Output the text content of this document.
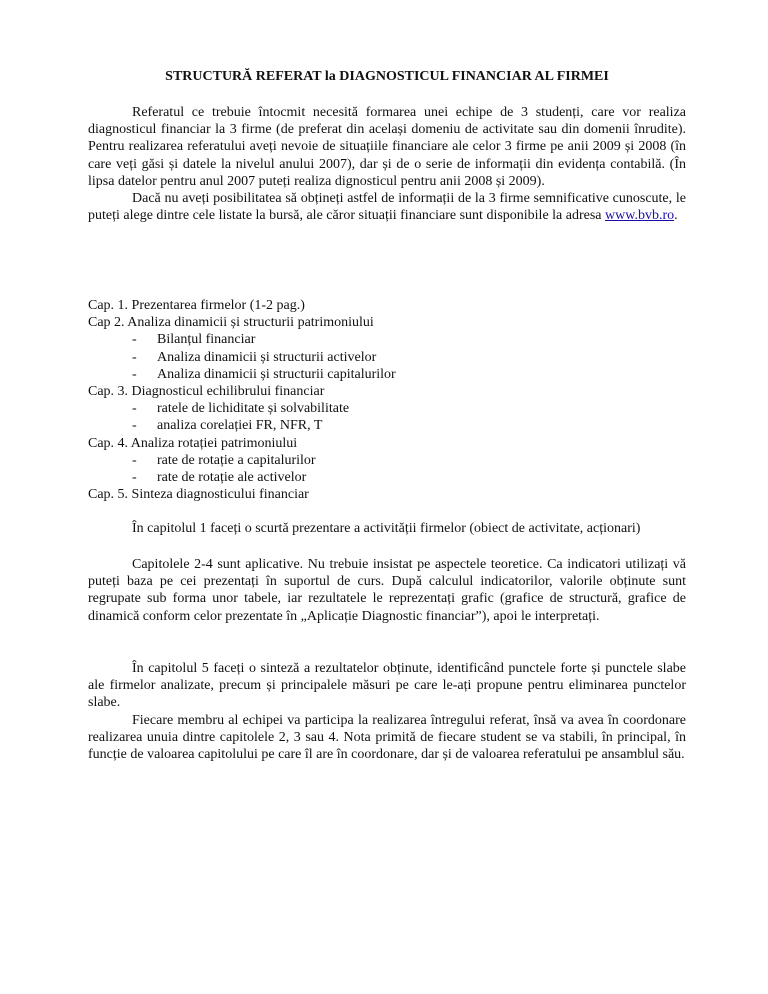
STRUCTURĂ REFERAT la DIAGNOSTICUL FINANCIAR AL FIRMEI

Referatul ce trebuie întocmit necesită formarea unei echipe de 3 studenți, care vor realiza diagnosticul financiar la 3 firme (de preferat din același domeniu de activitate sau din domenii înrudite). Pentru realizarea referatului aveți nevoie de situațiile financiare ale celor 3 firme pe anii 2009 și 2008 (în care veți găsi și datele la nivelul anului 2007), dar și de o serie de informații din evidența contabilă. (În lipsa datelor pentru anul 2007 puteți realiza dignosticul pentru anii 2008 și 2009).

Dacă nu aveți posibilitatea să obțineți astfel de informații de la 3 firme semnificative cunoscute, le puteți alege dintre cele listate la bursă, ale căror situații financiare sunt disponibile la adresa www.bvb.ro.

Cap. 1. Prezentarea firmelor (1-2 pag.)
Cap 2. Analiza dinamicii și structurii patrimoniului
- Bilanțul financiar
- Analiza dinamicii și structurii activelor
- Analiza dinamicii și structurii capitalurilor
Cap. 3. Diagnosticul echilibrului financiar
- ratele de lichiditate și solvabilitate
- analiza corelației FR, NFR, T
Cap. 4. Analiza rotației patrimoniului
- rate de rotație a capitalurilor
- rate de rotație ale activelor
Cap. 5. Sinteza diagnosticului financiar

În capitolul 1 faceți o scurtă prezentare a activității firmelor (obiect de activitate, acționari)

Capitolele 2-4 sunt aplicative. Nu trebuie insistat pe aspectele teoretice. Ca indicatori utilizați vă puteți baza pe cei prezentați în suportul de curs. După calculul indicatorilor, valorile obținute sunt regrupate sub forma unor tabele, iar rezultatele le reprezentați grafic (grafice de structură, grafice de dinamică conform celor prezentate în „Aplicație Diagnostic financiar”), apoi le interpretați.

În capitolul 5 faceți o sinteză a rezultatelor obținute, identificând punctele forte și punctele slabe ale firmelor analizate, precum și principalele măsuri pe care le-ați propune pentru eliminarea punctelor slabe.

Fiecare membru al echipei va participa la realizarea întregului referat, însă va avea în coordonare realizarea unuia dintre capitolele 2, 3 sau 4. Nota primită de fiecare student se va stabili, în principal, în funcție de valoarea capitolului pe care îl are în coordonare, dar și de valoarea referatului pe ansamblul său.
